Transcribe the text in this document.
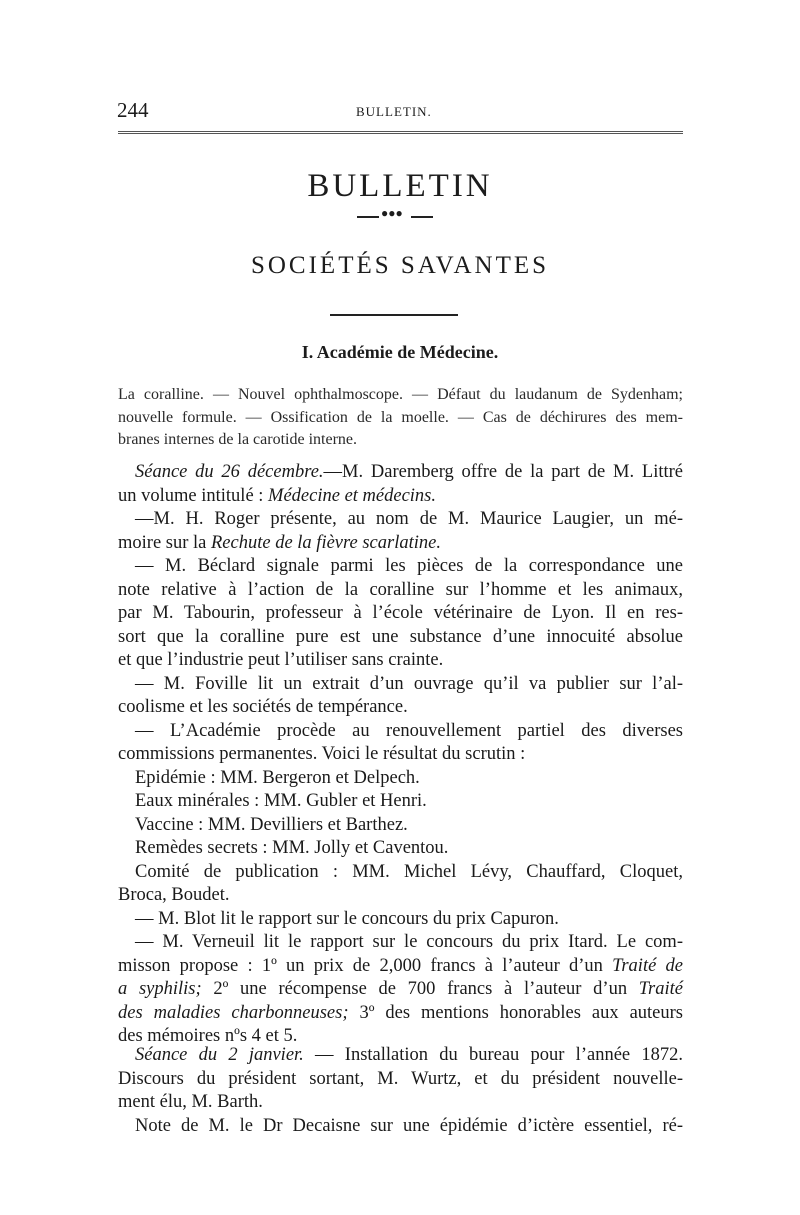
244	BULLETIN.
BULLETIN
●●●
SOCIÉTÉS SAVANTES
I. Académie de Médecine.
La coralline. — Nouvel ophthalmoscope. — Défaut du laudanum de Sydenham;
nouvelle formule. — Ossification de la moelle. — Cas de déchirures des mem-
branes internes de la carotide interne.
Séance du 26 décembre.—M. Daremberg offre de la part de M. Littré
un volume intitulé : Médecine et médecins.
—M. H. Roger présente, au nom de M. Maurice Laugier, un mé-
moire sur la Rechute de la fièvre scarlatine.
— M. Béclard signale parmi les pièces de la correspondance une
note relative à l’action de la coralline sur l’homme et les animaux,
par M. Tabourin, professeur à l’école vétérinaire de Lyon. Il en res-
sort que la coralline pure est une substance d’une innocuité absolue
et que l’industrie peut l’utiliser sans crainte.
— M. Foville lit un extrait d’un ouvrage qu’il va publier sur l’al-
coolisme et les sociétés de tempérance.
— L’Académie procède au renouvellement partiel des diverses
commissions permanentes. Voici le résultat du scrutin :
Epidémie : MM. Bergeron et Delpech.
Eaux minérales : MM. Gubler et Henri.
Vaccine : MM. Devilliers et Barthez.
Remèdes secrets : MM. Jolly et Caventou.
Comité de publication : MM. Michel Lévy, Chauffard, Cloquet,
Broca, Boudet.
— M. Blot lit le rapport sur le concours du prix Capuron.
— M. Verneuil lit le rapport sur le concours du prix Itard. Le com-
misson propose : 1º un prix de 2,000 francs à l’auteur d’un Traité de
a syphilis; 2º une récompense de 700 francs à l’auteur d’un Traité
des maladies charbonneuses; 3º des mentions honorables aux auteurs
des mémoires nºs 4 et 5.
Séance du 2 janvier. — Installation du bureau pour l’année 1872.
Discours du président sortant, M. Wurtz, et du président nouvelle-
ment élu, M. Barth.
Note de M. le Dr Decaisne sur une épidémie d’ictère essentiel, ré-
